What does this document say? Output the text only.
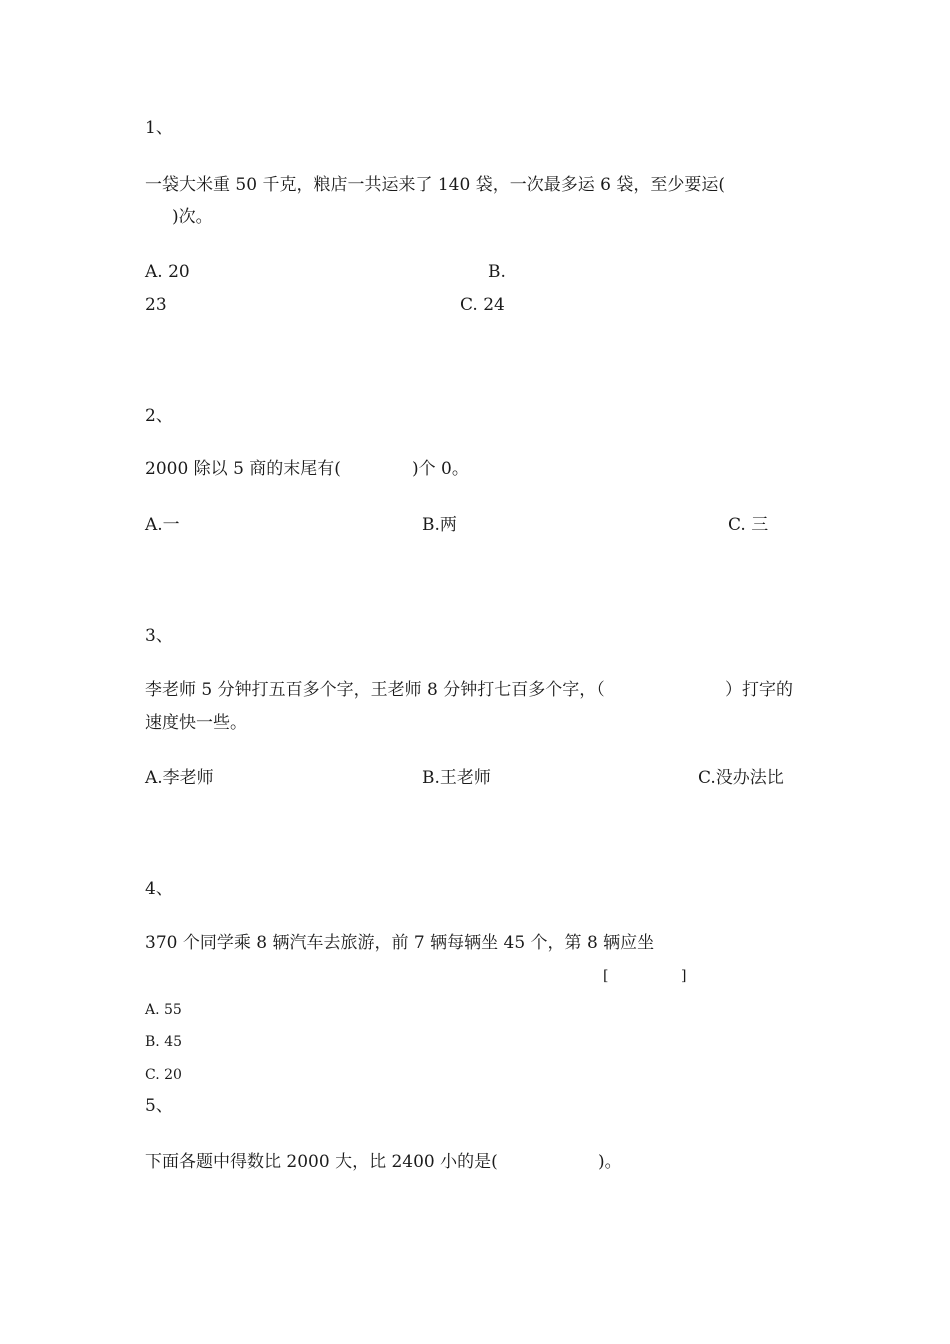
1、
一袋大米重 50 千克，粮店一共运来了 140 袋，一次最多运 6 袋，至少要运(
)次。
A. 20	B.
23	C. 24
2、
2000 除以 5 商的末尾有(	)个 0。
A.一	B.两	C. 三
3、
李老师 5 分钟打五百多个字，王老师 8 分钟打七百多个字，（	）打字的
速度快一些。
A.李老师	B.王老师	C.没办法比
4、
370 个同学乘 8 辆汽车去旅游，前 7 辆每辆坐 45 个，第 8 辆应坐
[	]
A. 55
B. 45
C. 20
5、
下面各题中得数比 2000 大，比 2400 小的是(	)。
